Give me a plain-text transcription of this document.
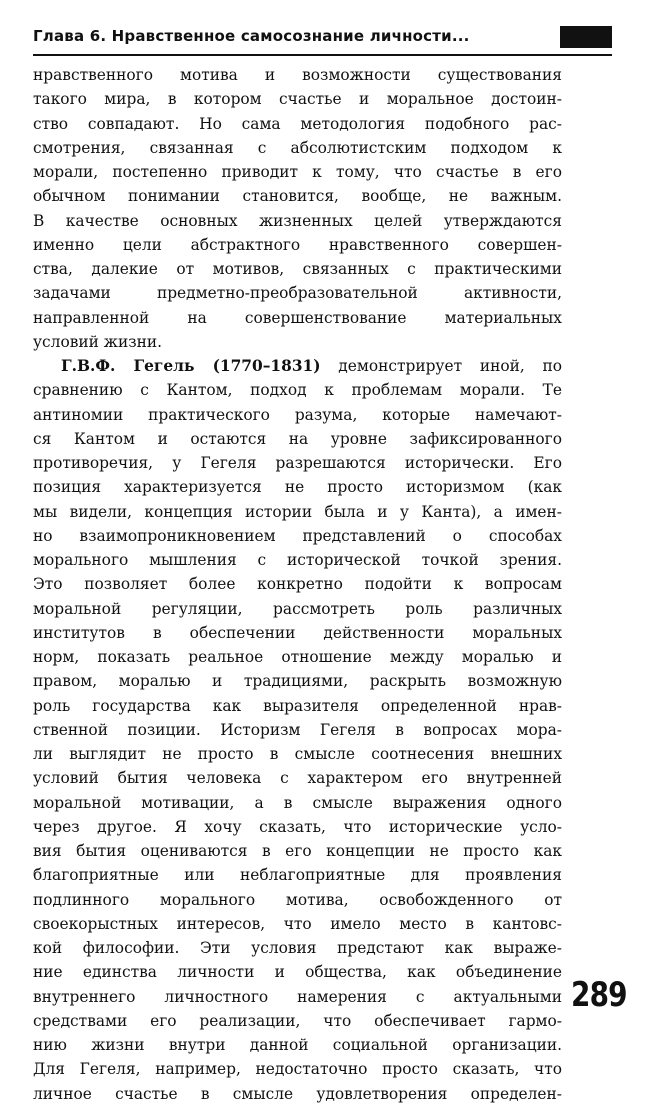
Глава 6. Нравственное самосознание личности...
нравственного мотива и возможности существования
такого мира, в котором счастье и моральное достоин-
ство совпадают. Но сама методология подобного рас-
смотрения, связанная с абсолютистским подходом к
морали, постепенно приводит к тому, что счастье в его
обычном понимании становится, вообще, не важным.
В качестве основных жизненных целей утверждаются
именно цели абстрактного нравственного совершен-
ства, далекие от мотивов, связанных с практическими
задачами предметно-преобразовательной активности,
направленной на совершенствование материальных
условий жизни.
Г.В.Ф. Гегель (1770–1831) демонстрирует иной, по
сравнению с Кантом, подход к проблемам морали. Те
антиномии практического разума, которые намечают-
ся Кантом и остаются на уровне зафиксированного
противоречия, у Гегеля разрешаются исторически. Его
позиция характеризуется не просто историзмом (как
мы видели, концепция истории была и у Канта), а имен-
но взаимопроникновением представлений о способах
морального мышления с исторической точкой зрения.
Это позволяет более конкретно подойти к вопросам
моральной регуляции, рассмотреть роль различных
институтов в обеспечении действенности моральных
норм, показать реальное отношение между моралью и
правом, моралью и традициями, раскрыть возможную
роль государства как выразителя определенной нрав-
ственной позиции. Историзм Гегеля в вопросах мора-
ли выглядит не просто в смысле соотнесения внешних
условий бытия человека с характером его внутренней
моральной мотивации, а в смысле выражения одного
через другое. Я хочу сказать, что исторические усло-
вия бытия оцениваются в его концепции не просто как
благоприятные или неблагоприятные для проявления
подлинного морального мотива, освобожденного от
своекорыстных интересов, что имело место в кантовс-
кой философии. Эти условия предстают как выраже-
ние единства личности и общества, как объединение
внутреннего личностного намерения с актуальными
средствами его реализации, что обеспечивает гармо-
нию жизни внутри данной социальной организации.
Для Гегеля, например, недостаточно просто сказать, что
личное счастье в смысле удовлетворения определен-
289
